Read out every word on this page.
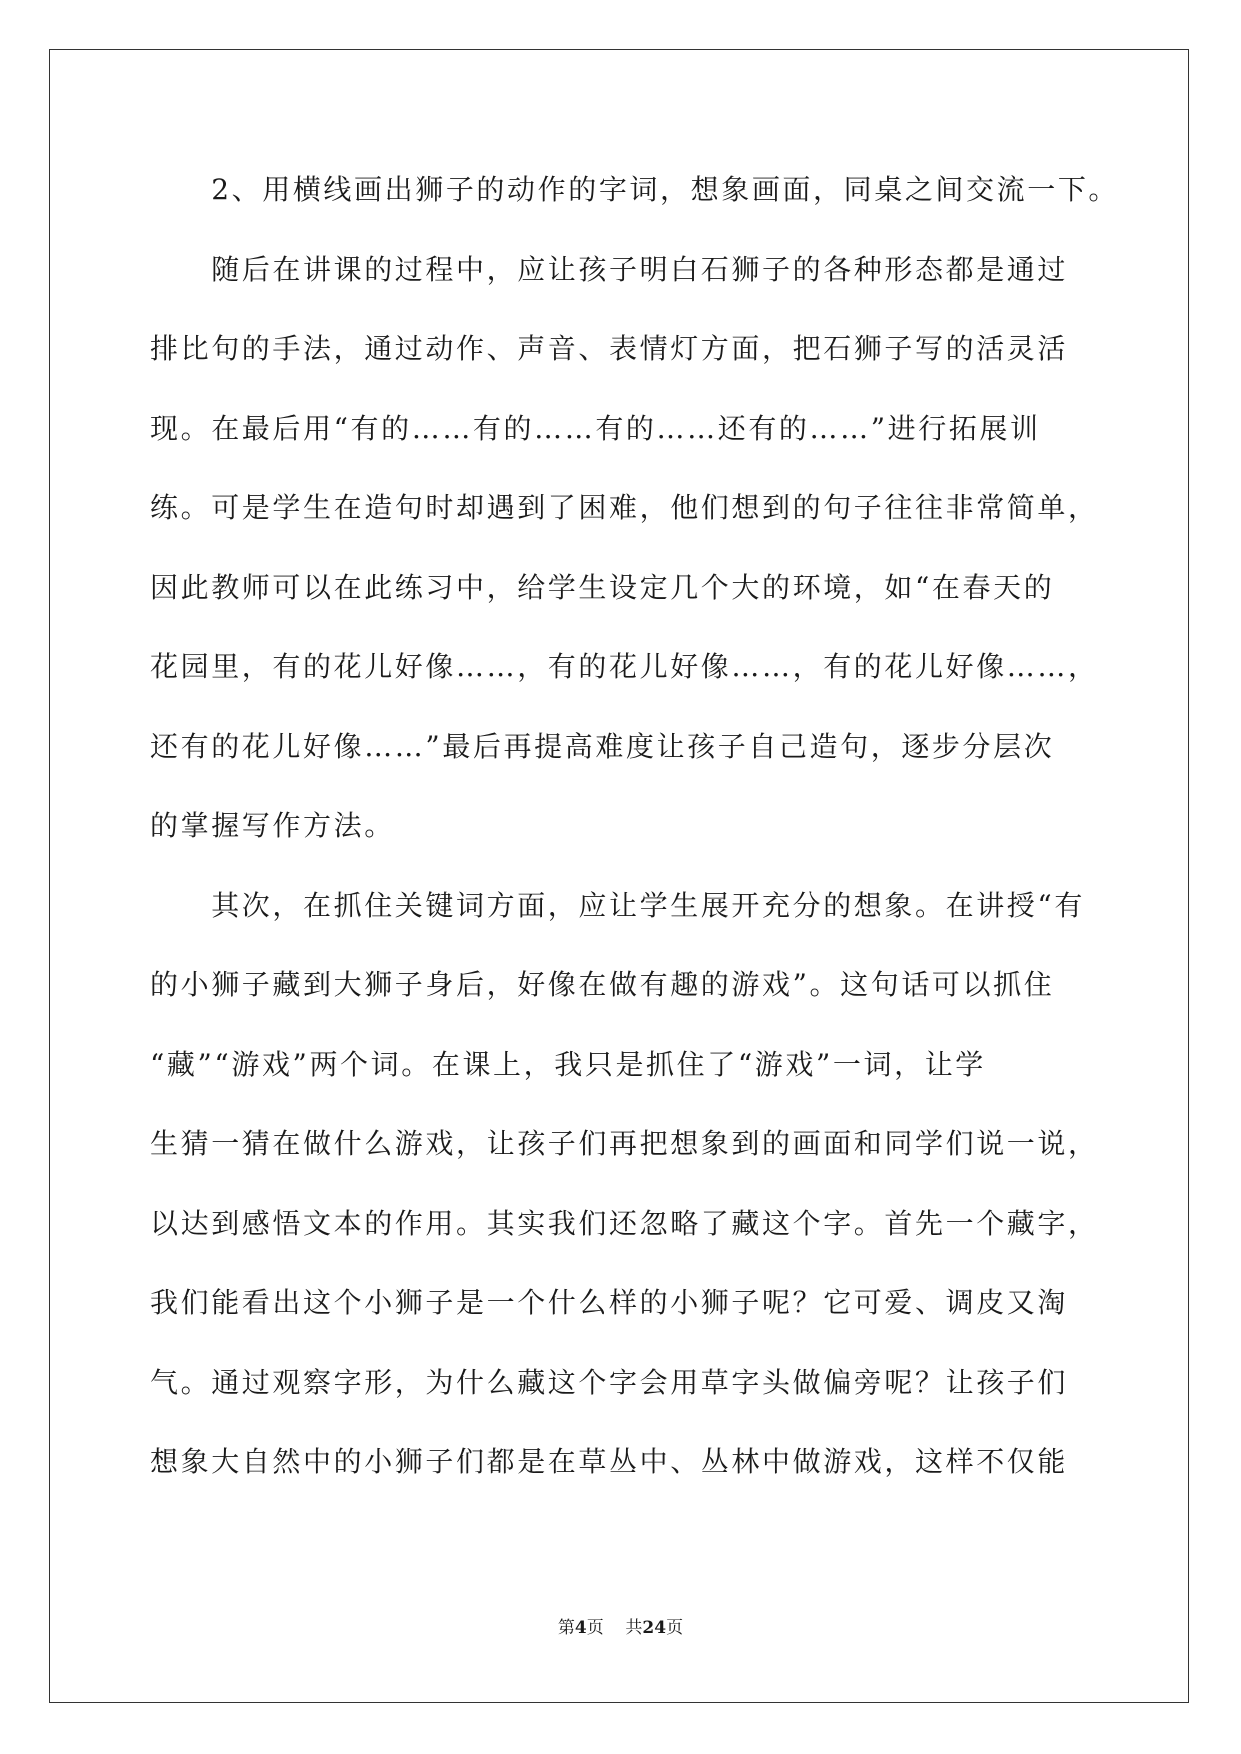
　　2、用横线画出狮子的动作的字词，想象画面，同桌之间交流一下。
　　随后在讲课的过程中，应让孩子明白石狮子的各种形态都是通过
排比句的手法，通过动作、声音、表情灯方面，把石狮子写的活灵活
现。在最后用“有的……有的……有的……还有的……”进行拓展训
练。可是学生在造句时却遇到了困难，他们想到的句子往往非常简单，
因此教师可以在此练习中，给学生设定几个大的环境，如“在春天的
花园里，有的花儿好像……，有的花儿好像……，有的花儿好像……，
还有的花儿好像……”最后再提高难度让孩子自己造句，逐步分层次
的掌握写作方法。
　　其次，在抓住关键词方面，应让学生展开充分的想象。在讲授“有
的小狮子藏到大狮子身后，好像在做有趣的游戏”。这句话可以抓住
“藏”“游戏”两个词。在课上，我只是抓住了“游戏”一词，让学
生猜一猜在做什么游戏，让孩子们再把想象到的画面和同学们说一说，
以达到感悟文本的作用。其实我们还忽略了藏这个字。首先一个藏字，
我们能看出这个小狮子是一个什么样的小狮子呢？它可爱、调皮又淘
气。通过观察字形，为什么藏这个字会用草字头做偏旁呢？让孩子们
想象大自然中的小狮子们都是在草丛中、丛林中做游戏，这样不仅能
第4页 共24页
